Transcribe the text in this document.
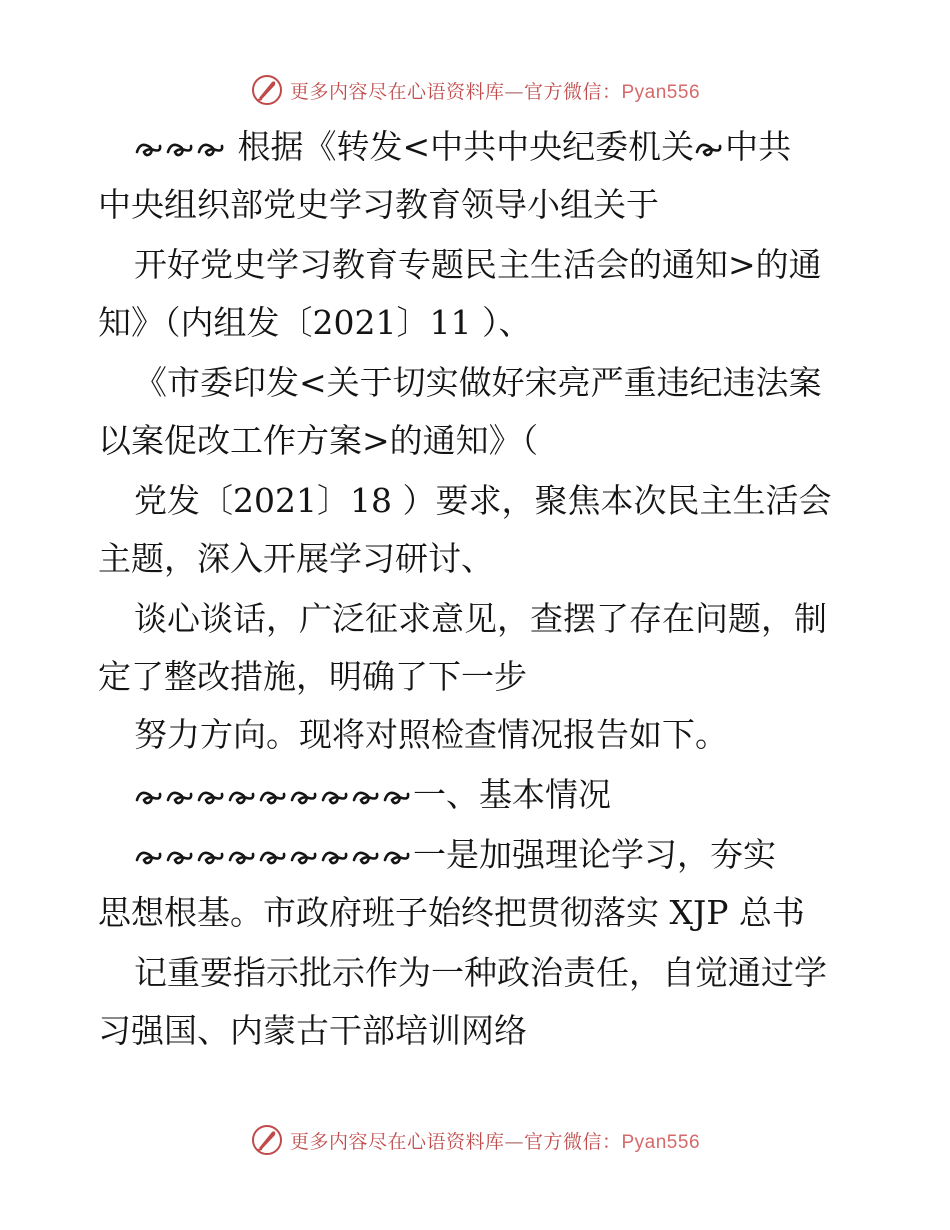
更多内容尽在心语资料库—官方微信：Pyan556
根据《转发<中共中央纪委机关 中共
中央组织部党史学习教育领导小组关于
开好党史学习教育专题民主生活会的通知>的通
知》（内组发〔2021〕11 ）、
《市委印发<关于切实做好宋亮严重违纪违法案
以案促改工作方案>的通知》（
党发〔2021〕18 ）要求，聚焦本次民主生活会
主题，深入开展学习研讨、
谈心谈话，广泛征求意见，查摆了存在问题，制
定了整改措施，明确了下一步
努力方向。现将对照检查情况报告如下。
一、基本情况
一是加强理论学习，夯实
思想根基。市政府班子始终把贯彻落实 XJP 总书
记重要指示批示作为一种政治责任，自觉通过学
习强国、内蒙古干部培训网络
更多内容尽在心语资料库—官方微信：Pyan556
